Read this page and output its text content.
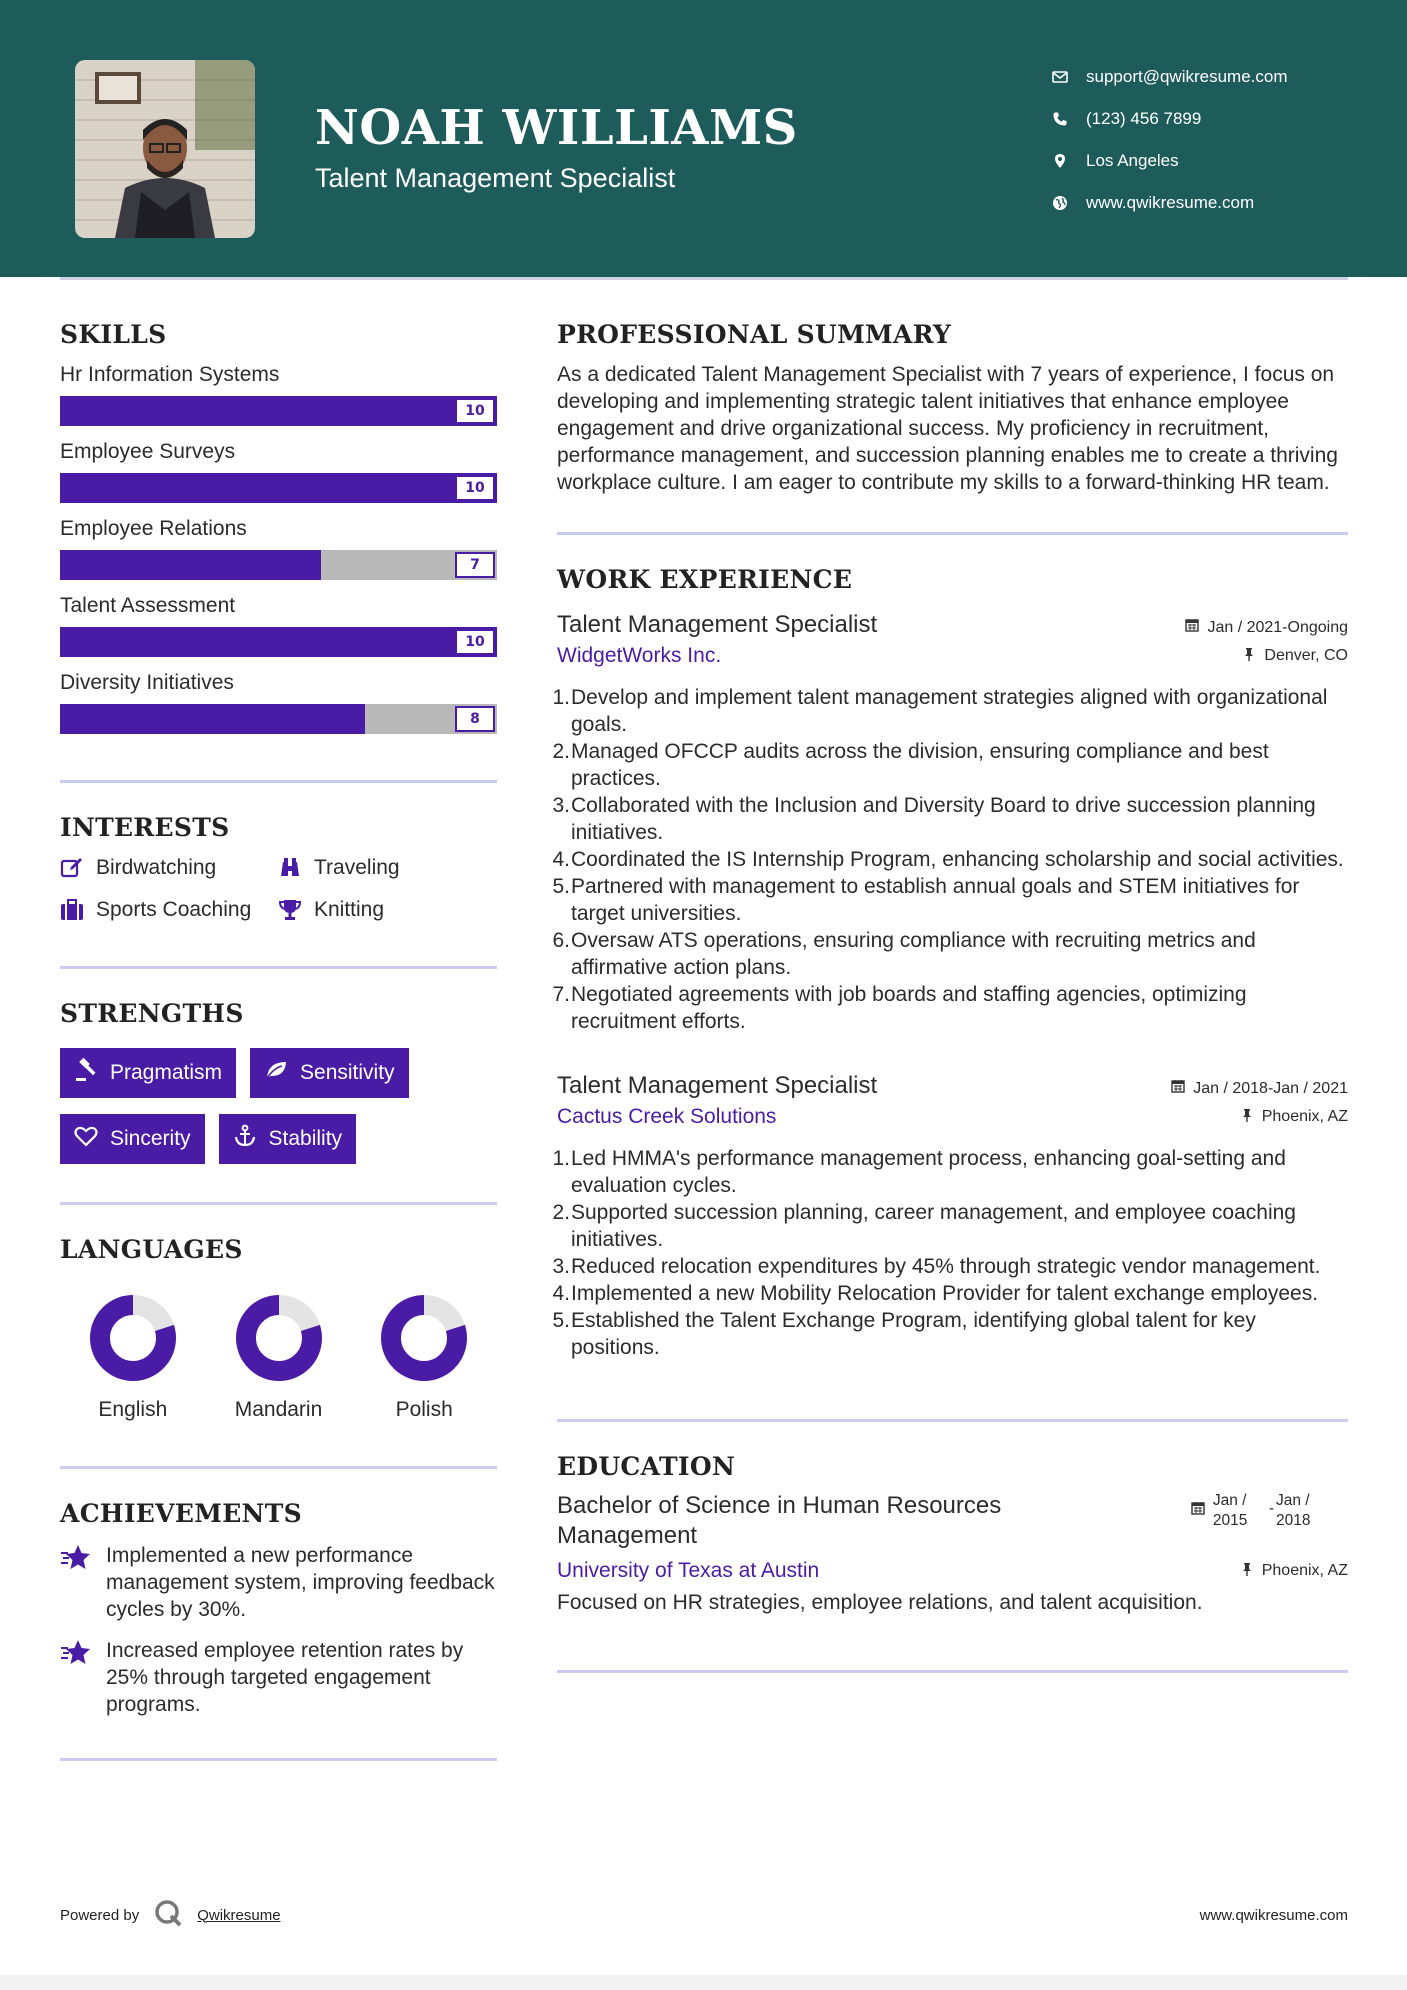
NOAH WILLIAMS
Talent Management Specialist
support@qwikresume.com
(123) 456 7899
Los Angeles
www.qwikresume.com
SKILLS
Hr Information Systems
10
Employee Surveys
10
Employee Relations
7
Talent Assessment
10
Diversity Initiatives
8
INTERESTS
Birdwatching	Traveling
Sports Coaching	Knitting
STRENGTHS
Pragmatism	Sensitivity
Sincerity	Stability
LANGUAGES
English	Mandarin	Polish
ACHIEVEMENTS
Implemented a new performance management system, improving feedback cycles by 30%.
Increased employee retention rates by 25% through targeted engagement programs.
PROFESSIONAL SUMMARY
As a dedicated Talent Management Specialist with 7 years of experience, I focus on developing and implementing strategic talent initiatives that enhance employee engagement and drive organizational success. My proficiency in recruitment, performance management, and succession planning enables me to create a thriving workplace culture. I am eager to contribute my skills to a forward-thinking HR team.
WORK EXPERIENCE
Talent Management Specialist	Jan / 2021-Ongoing
WidgetWorks Inc.	Denver, CO
1. Develop and implement talent management strategies aligned with organizational goals.
2. Managed OFCCP audits across the division, ensuring compliance and best practices.
3. Collaborated with the Inclusion and Diversity Board to drive succession planning initiatives.
4. Coordinated the IS Internship Program, enhancing scholarship and social activities.
5. Partnered with management to establish annual goals and STEM initiatives for target universities.
6. Oversaw ATS operations, ensuring compliance with recruiting metrics and affirmative action plans.
7. Negotiated agreements with job boards and staffing agencies, optimizing recruitment efforts.
Talent Management Specialist	Jan / 2018-Jan / 2021
Cactus Creek Solutions	Phoenix, AZ
1. Led HMMA's performance management process, enhancing goal-setting and evaluation cycles.
2. Supported succession planning, career management, and employee coaching initiatives.
3. Reduced relocation expenditures by 45% through strategic vendor management.
4. Implemented a new Mobility Relocation Provider for talent exchange employees.
5. Established the Talent Exchange Program, identifying global talent for key positions.
EDUCATION
Bachelor of Science in Human Resources Management
Jan / 2015
- Jan / 2018
University of Texas at Austin	Phoenix, AZ
Focused on HR strategies, employee relations, and talent acquisition.
Powered by	Qwikresume	www.qwikresume.com
